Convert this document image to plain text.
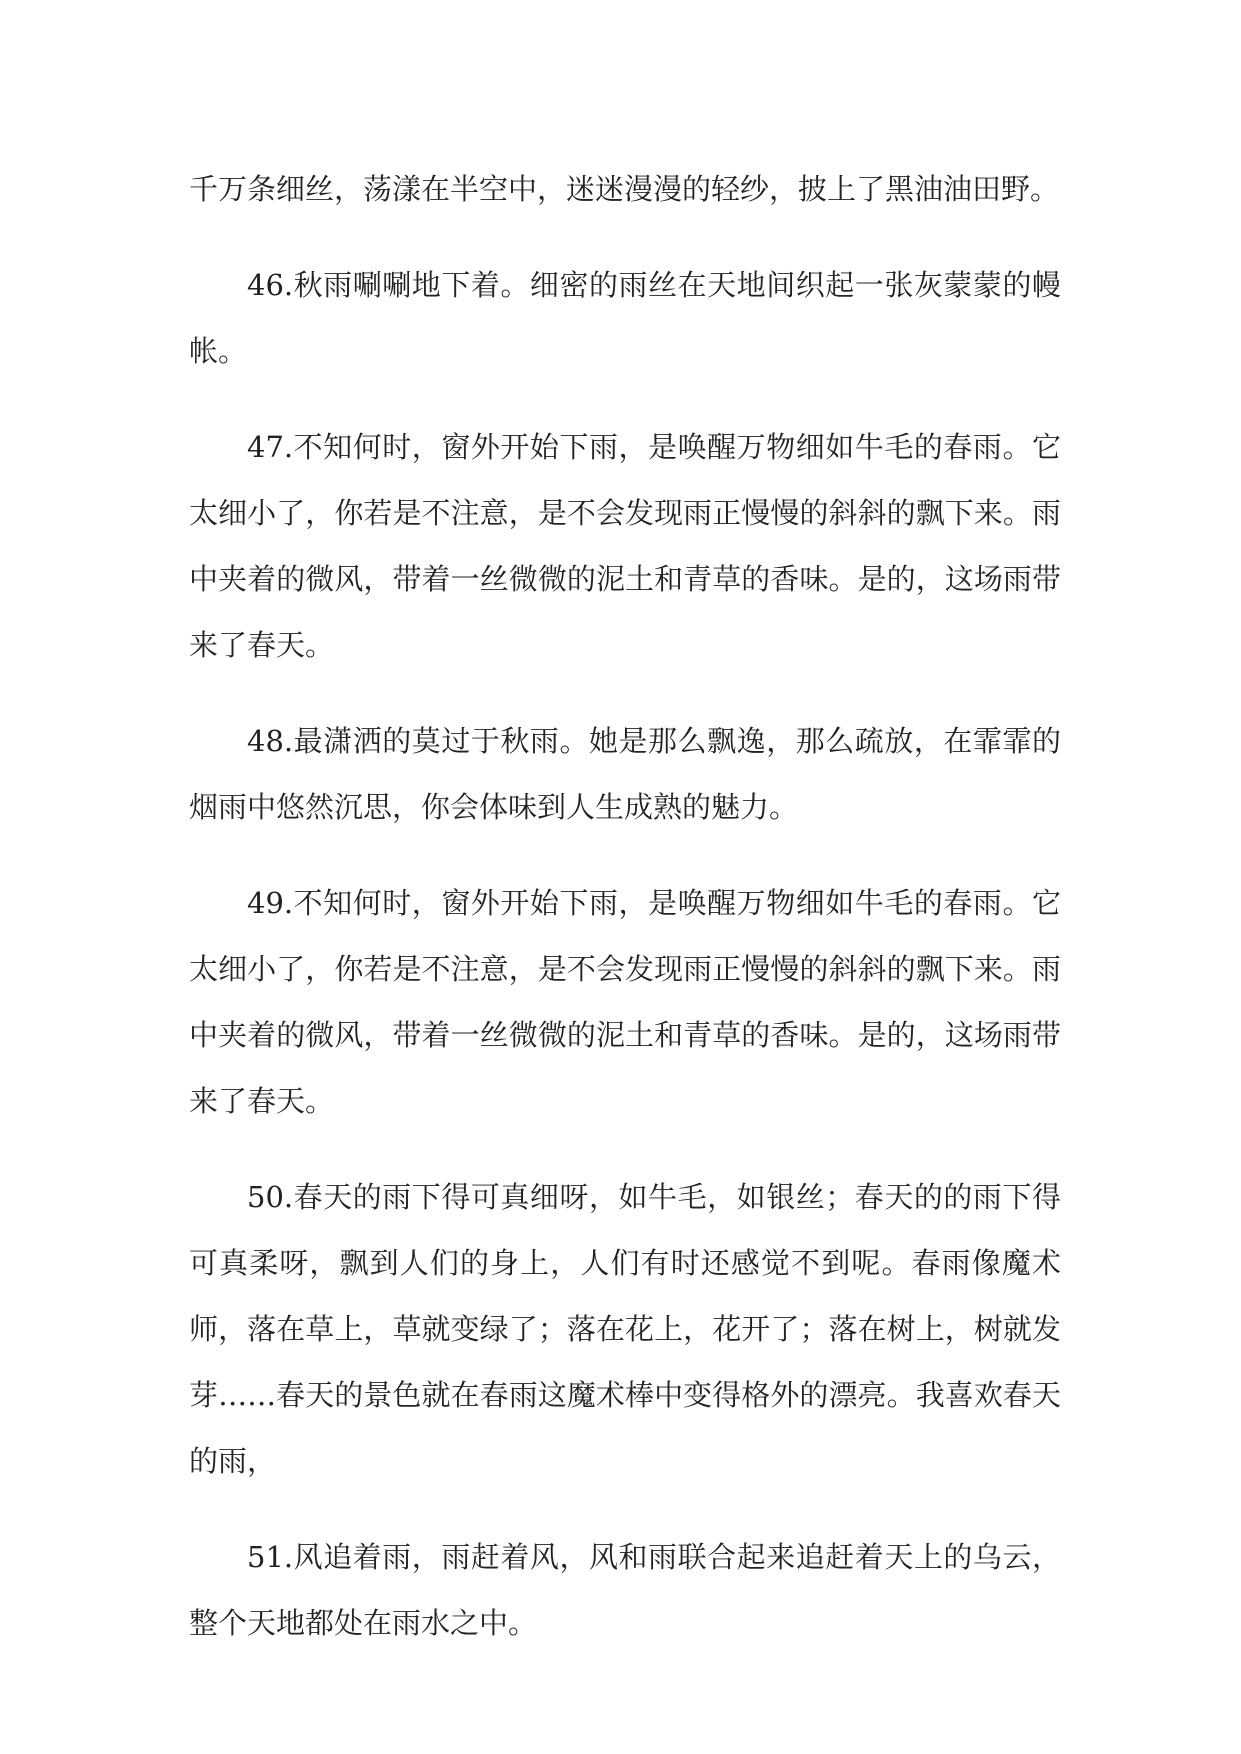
千万条细丝，荡漾在半空中，迷迷漫漫的轻纱，披上了黑油油田野。

46.秋雨唰唰地下着。细密的雨丝在天地间织起一张灰蒙蒙的幔帐。

47.不知何时，窗外开始下雨，是唤醒万物细如牛毛的春雨。它太细小了，你若是不注意，是不会发现雨正慢慢的斜斜的飘下来。雨中夹着的微风，带着一丝微微的泥土和青草的香味。是的，这场雨带来了春天。

48.最潇洒的莫过于秋雨。她是那么飘逸，那么疏放，在霏霏的烟雨中悠然沉思，你会体味到人生成熟的魅力。

49.不知何时，窗外开始下雨，是唤醒万物细如牛毛的春雨。它太细小了，你若是不注意，是不会发现雨正慢慢的斜斜的飘下来。雨中夹着的微风，带着一丝微微的泥土和青草的香味。是的，这场雨带来了春天。

50.春天的雨下得可真细呀，如牛毛，如银丝；春天的的雨下得可真柔呀，飘到人们的身上，人们有时还感觉不到呢。春雨像魔术师，落在草上，草就变绿了；落在花上，花开了；落在树上，树就发芽……春天的景色就在春雨这魔术棒中变得格外的漂亮。我喜欢春天的雨，

51.风追着雨，雨赶着风，风和雨联合起来追赶着天上的乌云，整个天地都处在雨水之中。
